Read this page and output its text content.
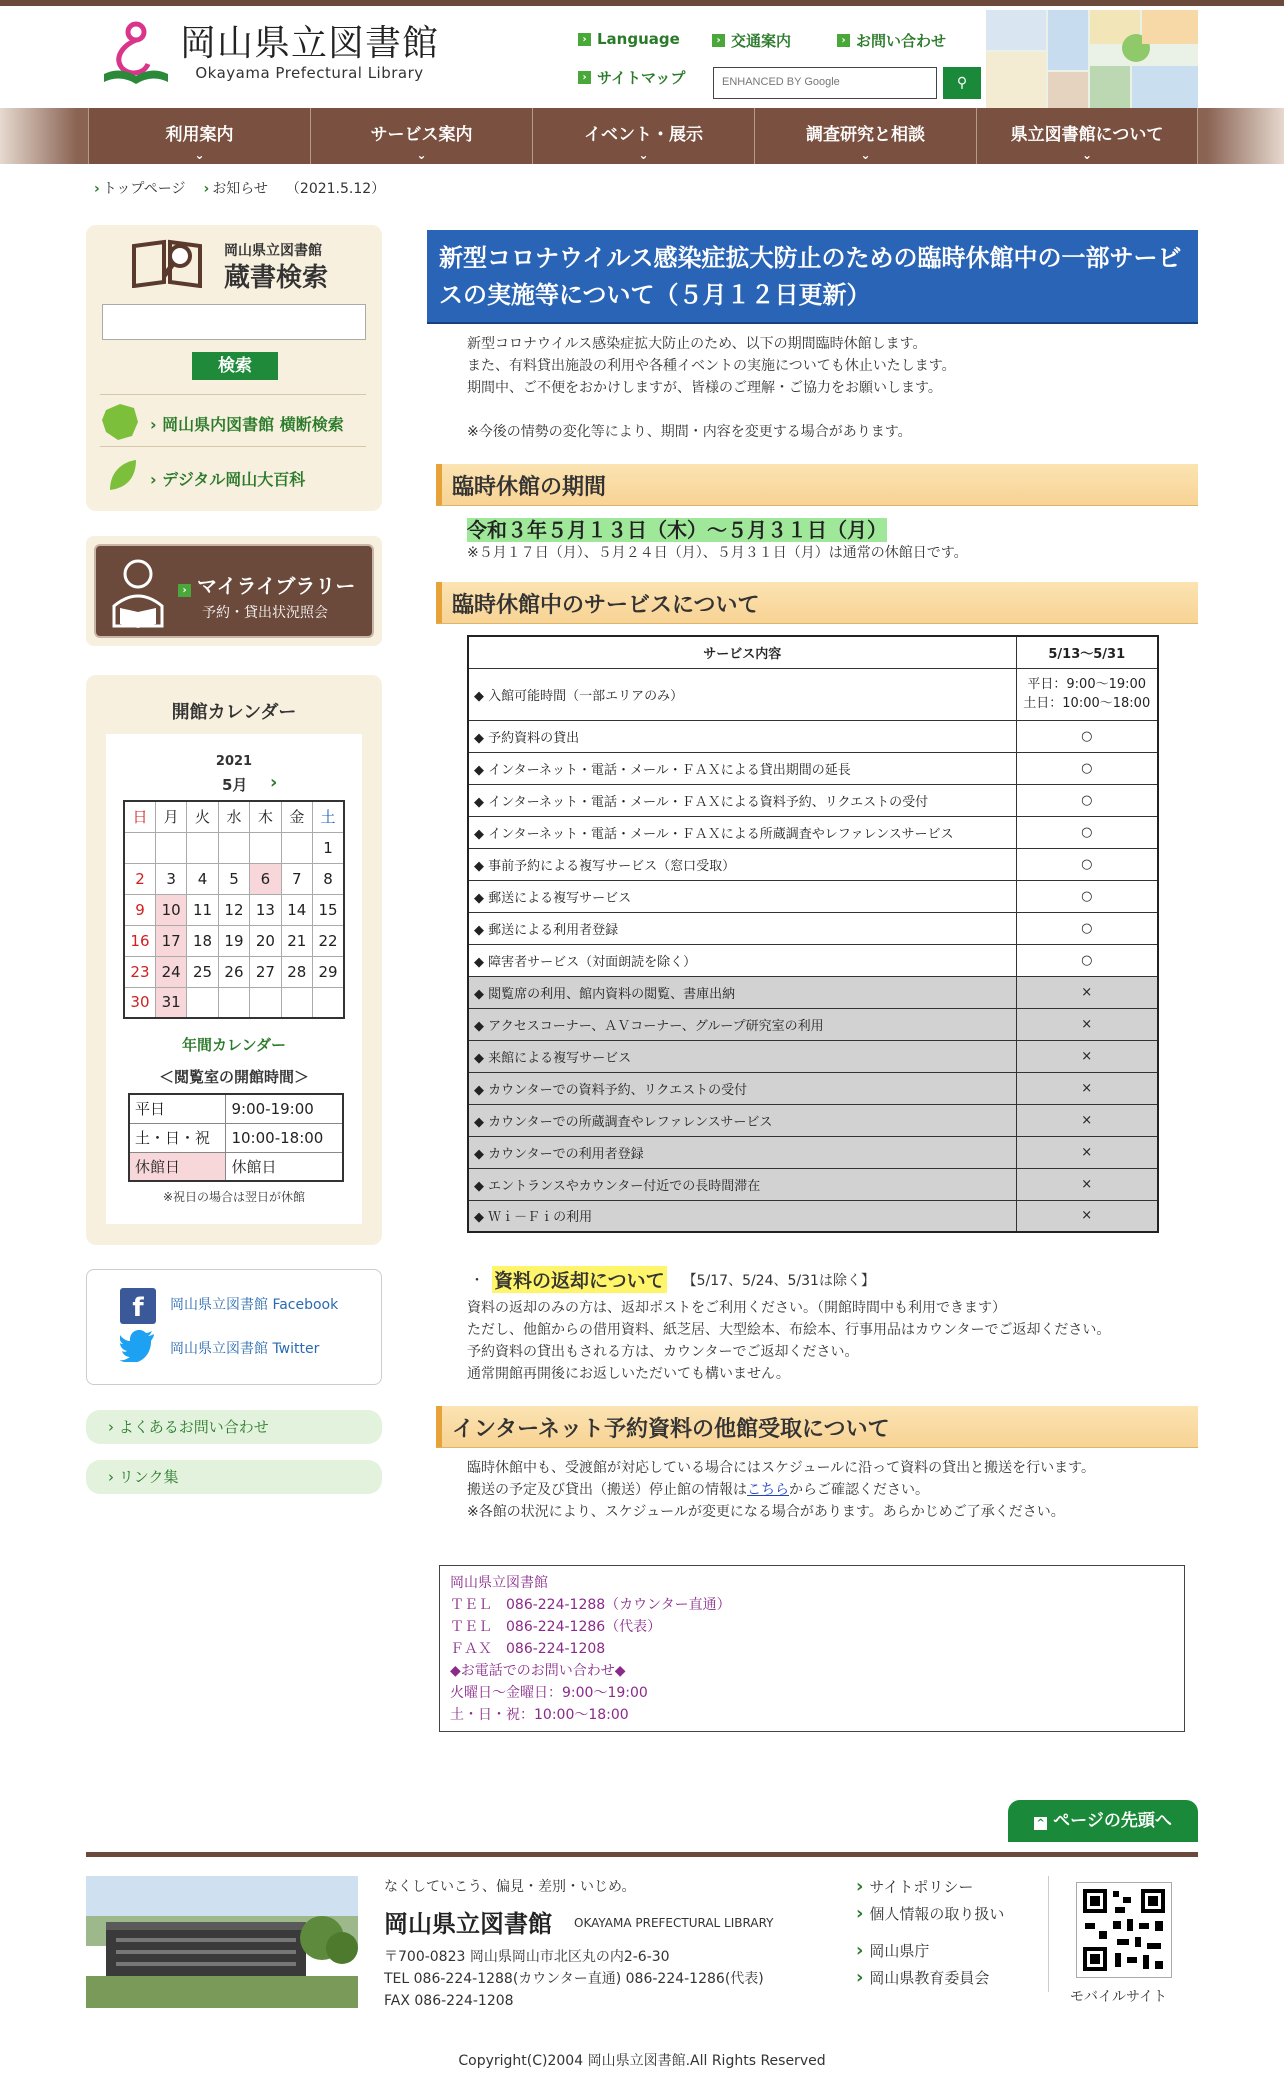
岡山県立図書館
Okayama Prefectural Library
› Language	› 交通案内	› お問い合わせ
› サイトマップ	ENHANCED BY Google	⚲
利用案内
⌄
サービス案内
⌄
イベント・展示
⌄
調査研究と相談
⌄
県立図書館について
⌄
› トップページ › お知らせ （2021.5.12）
岡山県立図書館
蔵書検索
検索
› 岡山県内図書館 横断検索
› デジタル岡山大百科
› マイライブラリー
予約・貸出状況照会
開館カレンダー
2021
5月 ›
日	月	火	水	木	金	土
						1
2	3	4	5	6	7	8
9	10	11	12	13	14	15
16	17	18	19	20	21	22
23	24	25	26	27	28	29
30	31					
年間カレンダー
＜閲覧室の開館時間＞
平日	9:00-19:00
土・日・祝	10:00-18:00
休館日	休館日
※祝日の場合は翌日が休館
f	岡山県立図書館 Facebook
岡山県立図書館 Twitter
› よくあるお問い合わせ
› リンク集
新型コロナウイルス感染症拡大防止のための臨時休館中の一部サービスの実施等について（５月１２日更新）
新型コロナウイルス感染症拡大防止のため、以下の期間臨時休館します。
また、有料貸出施設の利用や各種イベントの実施についても休止いたします。
期間中、ご不便をおかけしますが、皆様のご理解・ご協力をお願いします。
※今後の情勢の変化等により、期間・内容を変更する場合があります。
臨時休館の期間
令和３年５月１３日（木）～５月３１日（月）
※５月１７日（月）、５月２４日（月）、５月３１日（月）は通常の休館日です。
臨時休館中のサービスについて
サービス内容	5/13～5/31
◆ 入館可能時間（一部エリアのみ）	平日：9:00～19:00
土日：10:00～18:00

◆ 予約資料の貸出	○
◆ インターネット・電話・メール・ＦＡＸによる貸出期間の延長	○
◆ インターネット・電話・メール・ＦＡＸによる資料予約、リクエストの受付	○
◆ インターネット・電話・メール・ＦＡＸによる所蔵調査やレファレンスサービス	○
◆ 事前予約による複写サービス（窓口受取）	○
◆ 郵送による複写サービス	○
◆ 郵送による利用者登録	○
◆ 障害者サービス（対面朗読を除く）	○
◆ 閲覧席の利用、館内資料の閲覧、書庫出納	×
◆ アクセスコーナー、ＡＶコーナー、グループ研究室の利用	×
◆ 来館による複写サービス	×
◆ カウンターでの資料予約、リクエストの受付	×
◆ カウンターでの所蔵調査やレファレンスサービス	×
◆ カウンターでの利用者登録	×
◆ エントランスやカウンター付近での長時間滞在	×
◆ Ｗｉ－Ｆｉの利用	×
・ 資料の返却について 【5/17、5/24、5/31は除く】
資料の返却のみの方は、返却ポストをご利用ください。（開館時間中も利用できます）
ただし、他館からの借用資料、紙芝居、大型絵本、布絵本、行事用品はカウンターでご返却ください。
予約資料の貸出もされる方は、カウンターでご返却ください。
通常開館再開後にお返しいただいても構いません。
インターネット予約資料の他館受取について
臨時休館中も、受渡館が対応している場合にはスケジュールに沿って資料の貸出と搬送を行います。
搬送の予定及び貸出（搬送）停止館の情報はこちらからご確認ください。
※各館の状況により、スケジュールが変更になる場合があります。あらかじめご了承ください。
岡山県立図書館
ＴＥＬ　086-224-1288（カウンター直通）
ＴＥＬ　086-224-1286（代表）
ＦＡＸ　086-224-1208
◆お電話でのお問い合わせ◆
火曜日～金曜日：9:00～19:00
土・日・祝：10:00～18:00
^ ページの先頭へ
なくしていこう、偏見・差別・いじめ。
岡山県立図書館 OKAYAMA PREFECTURAL LIBRARY
〒700-0823 岡山県岡山市北区丸の内2-6-30
TEL 086-224-1288(カウンター直通) 086-224-1286(代表)
FAX 086-224-1208
› サイトポリシー
› 個人情報の取り扱い
› 岡山県庁
› 岡山県教育委員会
モバイルサイト
Copyright(C)2004 岡山県立図書館.All Rights Reserved
